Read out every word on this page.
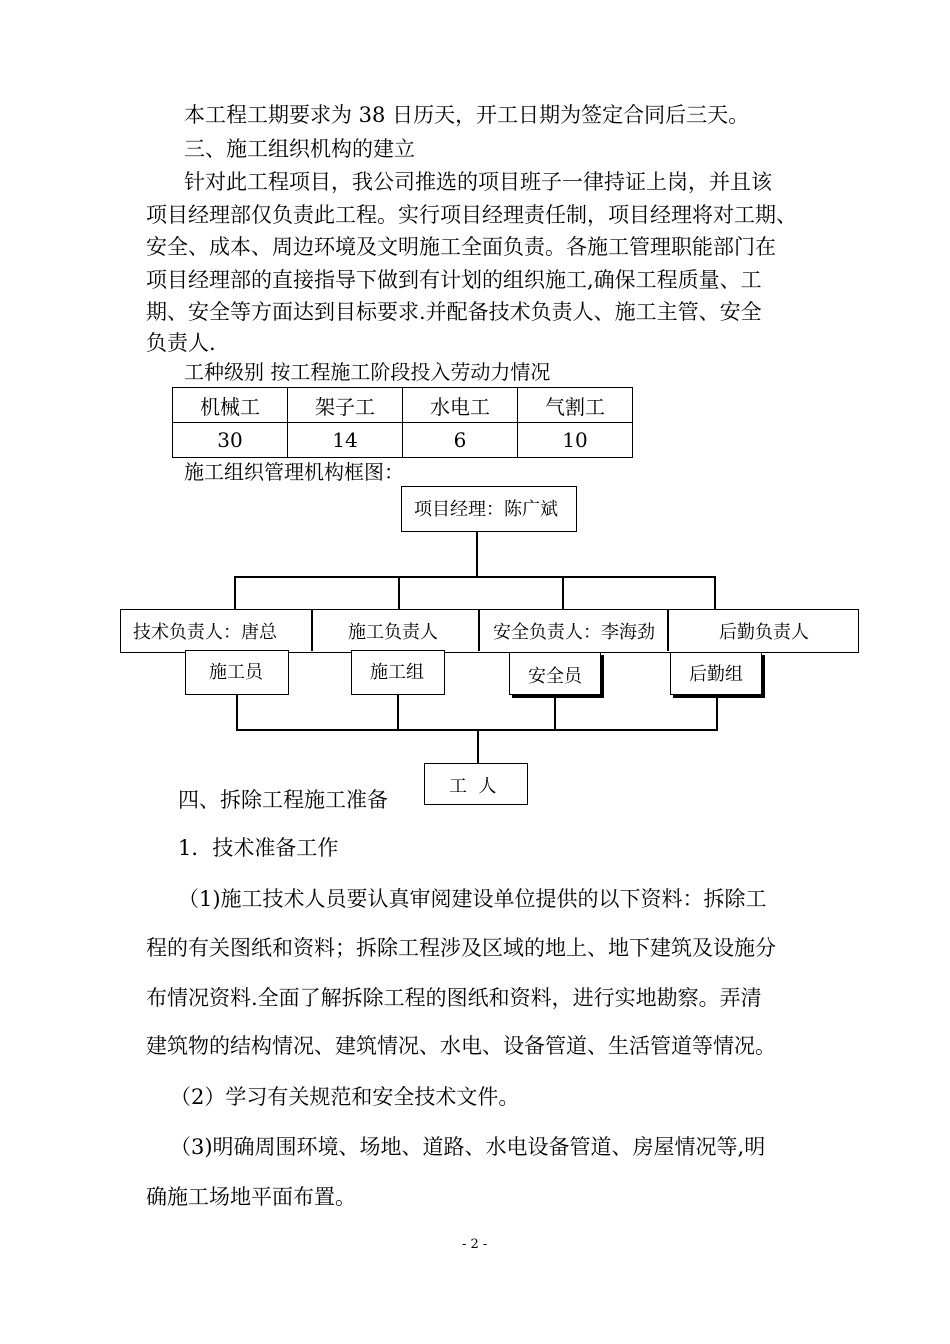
本工程工期要求为 38 日历天，开工日期为签定合同后三天。
三、施工组织机构的建立
针对此工程项目，我公司推选的项目班子一律持证上岗，并且该
项目经理部仅负责此工程。实行项目经理责任制，项目经理将对工期、
安全、成本、周边环境及文明施工全面负责。各施工管理职能部门在
项目经理部的直接指导下做到有计划的组织施工,确保工程质量、工
期、安全等方面达到目标要求.并配备技术负责人、施工主管、安全
负责人.
工种级别 按工程施工阶段投入劳动力情况
机械工	架子工	水电工	气割工
30	14	6	10
施工组织管理机构框图：
项目经理：陈广斌
技术负责人：唐总	施工负责人	安全负责人：李海劲	后勤负责人
施工员	施工组	安全员	后勤组
工  人
四、拆除工程施工准备
1．技术准备工作
（1)施工技术人员要认真审阅建设单位提供的以下资料：拆除工
程的有关图纸和资料；拆除工程涉及区域的地上、地下建筑及设施分
布情况资料.全面了解拆除工程的图纸和资料，进行实地勘察。弄清
建筑物的结构情况、建筑情况、水电、设备管道、生活管道等情况。
（2）学习有关规范和安全技术文件。
（3)明确周围环境、场地、道路、水电设备管道、房屋情况等,明
确施工场地平面布置。
- 2 -
